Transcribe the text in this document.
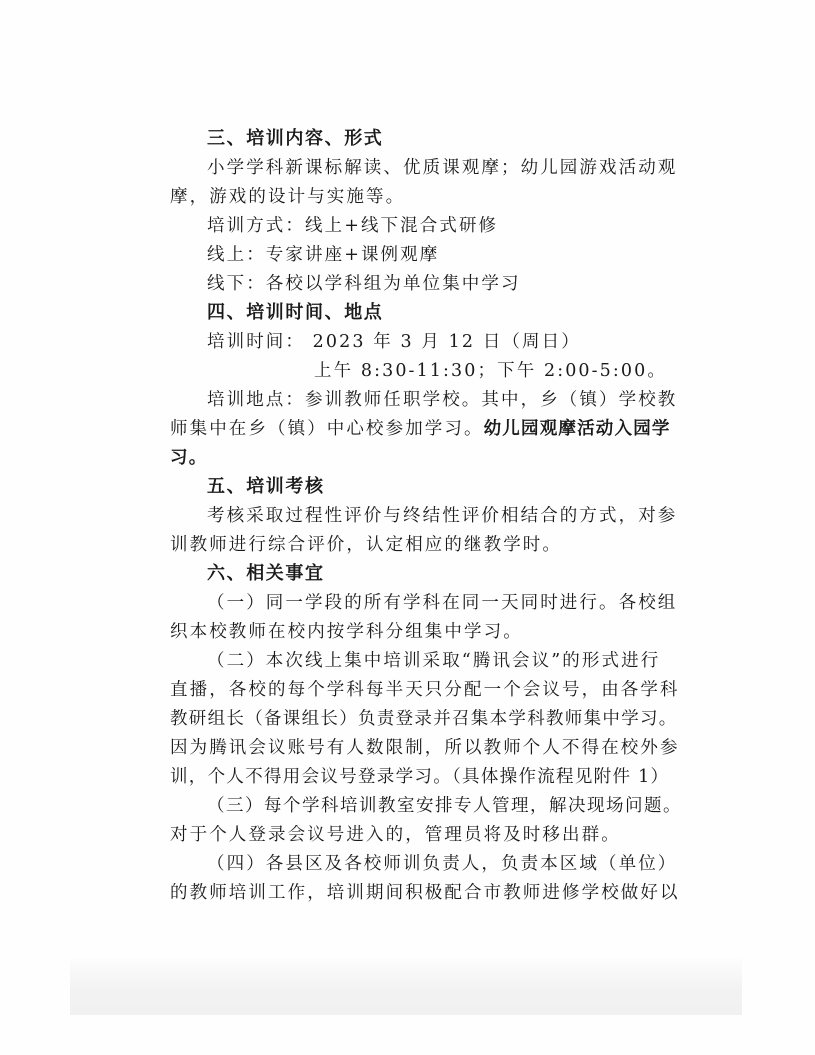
三、培训内容、形式
小学学科新课标解读、优质课观摩；幼儿园游戏活动观
摩，游戏的设计与实施等。
培训方式：线上+线下混合式研修
线上：专家讲座+课例观摩
线下：各校以学科组为单位集中学习
四、培训时间、地点
培训时间： 2023 年 3 月 12 日（周日）
上午 8:30-11:30；下午 2:00-5:00。
培训地点：参训教师任职学校。其中，乡（镇）学校教
师集中在乡（镇）中心校参加学习。幼儿园观摩活动入园学
习。
五、培训考核
考核采取过程性评价与终结性评价相结合的方式，对参
训教师进行综合评价，认定相应的继教学时。
六、相关事宜
（一）同一学段的所有学科在同一天同时进行。各校组
织本校教师在校内按学科分组集中学习。
（二）本次线上集中培训采取“腾讯会议”的形式进行
直播，各校的每个学科每半天只分配一个会议号，由各学科
教研组长（备课组长）负责登录并召集本学科教师集中学习。
因为腾讯会议账号有人数限制，所以教师个人不得在校外参
训，个人不得用会议号登录学习。（具体操作流程见附件 1）
（三）每个学科培训教室安排专人管理，解决现场问题。
对于个人登录会议号进入的，管理员将及时移出群。
（四）各县区及各校师训负责人，负责本区域（单位）
的教师培训工作，培训期间积极配合市教师进修学校做好以
